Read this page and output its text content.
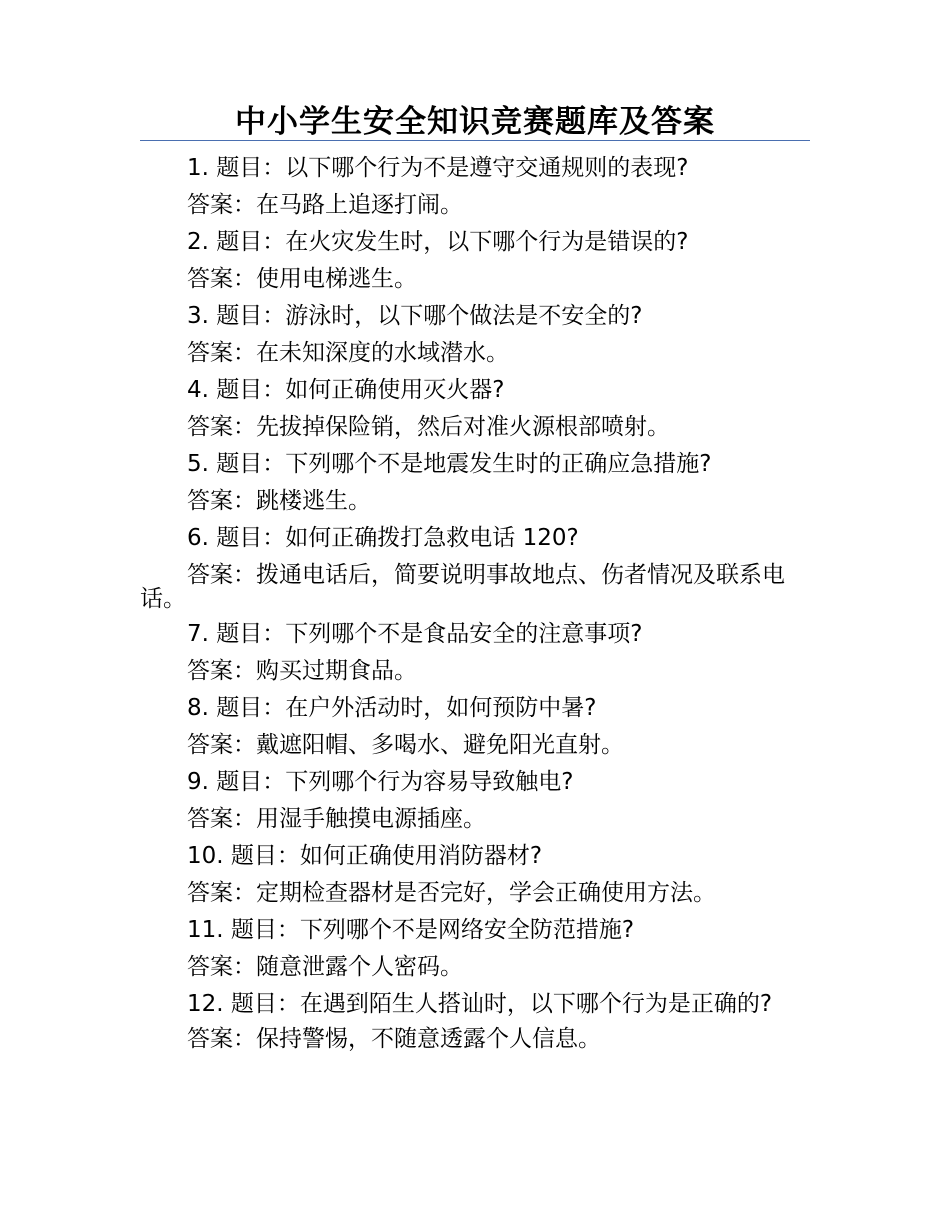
中小学生安全知识竞赛题库及答案

1. 题目：以下哪个行为不是遵守交通规则的表现?

答案：在马路上追逐打闹。

2. 题目：在火灾发生时，以下哪个行为是错误的?

答案：使用电梯逃生。

3. 题目：游泳时，以下哪个做法是不安全的?

答案：在未知深度的水域潜水。

4. 题目：如何正确使用灭火器?

答案：先拔掉保险销，然后对准火源根部喷射。

5. 题目：下列哪个不是地震发生时的正确应急措施?

答案：跳楼逃生。

6. 题目：如何正确拨打急救电话 120?

答案：拨通电话后，简要说明事故地点、伤者情况及联系电话。

7. 题目：下列哪个不是食品安全的注意事项?

答案：购买过期食品。

8. 题目：在户外活动时，如何预防中暑?

答案：戴遮阳帽、多喝水、避免阳光直射。

9. 题目：下列哪个行为容易导致触电?

答案：用湿手触摸电源插座。

10. 题目：如何正确使用消防器材?

答案：定期检查器材是否完好，学会正确使用方法。

11. 题目：下列哪个不是网络安全防范措施?

答案：随意泄露个人密码。

12. 题目：在遇到陌生人搭讪时，以下哪个行为是正确的?

答案：保持警惕，不随意透露个人信息。
